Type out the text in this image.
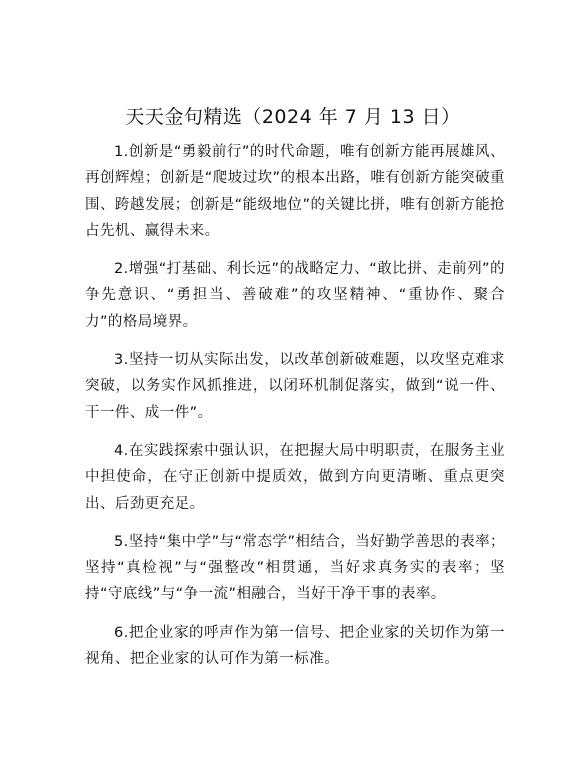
天天金句精选（2024 年 7 月 13 日）

1.创新是“勇毅前行”的时代命题，唯有创新方能再展雄风、再创辉煌；创新是“爬坡过坎”的根本出路，唯有创新方能突破重围、跨越发展；创新是“能级地位”的关键比拼，唯有创新方能抢占先机、赢得未来。

2.增强“打基础、利长远”的战略定力、“敢比拼、走前列”的争先意识、“勇担当、善破难”的攻坚精神、“重协作、聚合力”的格局境界。

3.坚持一切从实际出发，以改革创新破难题，以攻坚克难求突破，以务实作风抓推进，以闭环机制促落实，做到“说一件、干一件、成一件”。

4.在实践探索中强认识，在把握大局中明职责，在服务主业中担使命，在守正创新中提质效，做到方向更清晰、重点更突出、后劲更充足。

5.坚持“集中学”与“常态学”相结合，当好勤学善思的表率；坚持“真检视”与“强整改”相贯通，当好求真务实的表率；坚持“守底线”与“争一流”相融合，当好干净干事的表率。

6.把企业家的呼声作为第一信号、把企业家的关切作为第一视角、把企业家的认可作为第一标准。
